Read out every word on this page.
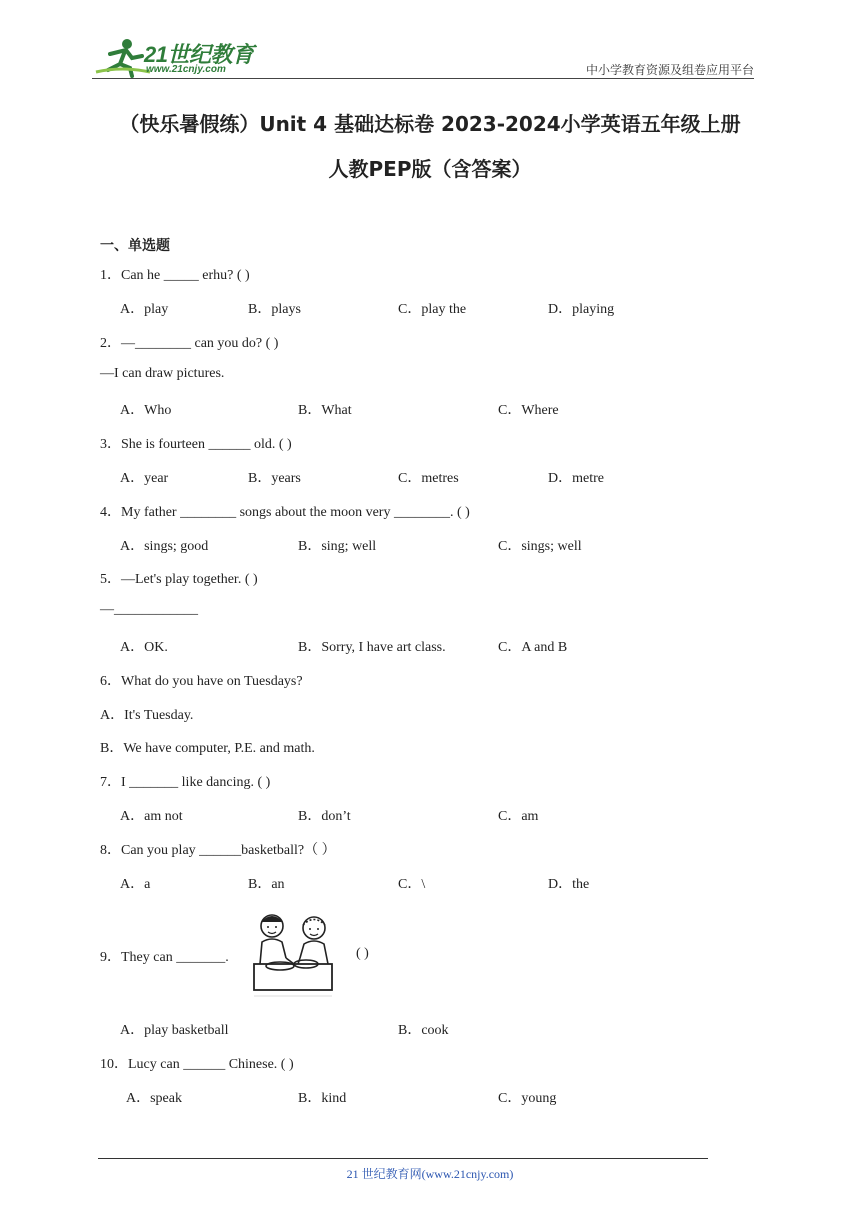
21世纪教育
www.21cnjy.com	中小学教育资源及组卷应用平台
（快乐暑假练）Unit 4 基础达标卷 2023-2024小学英语五年级上册
人教PEP版（含答案）
一、单选题
1．Can he _____ erhu? ( )
A．play	B．plays	C．play the	D．playing
2．—________ can you do? ( )
—I can draw pictures.
A．Who	B．What	C．Where
3．She is fourteen ______ old. ( )
A．year	B．years	C．metres	D．metre
4．My father ________ songs about the moon very ________. ( )
A．sings; good	B．sing; well	C．sings; well
5．—Let's play together. ( )
—____________
A．OK.	B．Sorry, I have art class.	C．A and B
6．What do you have on Tuesdays?
A．It's Tuesday.
B．We have computer, P.E. and math.
7．I _______ like dancing. ( )
A．am not	B．don’t	C．am
8．Can you play ______basketball?（ ）
A．a	B．an	C．\	D．the
9．They can _______.	( )
A．play basketball	B．cook
10．Lucy can ______ Chinese. ( )
A．speak	B．kind	C．young
21 世纪教育网(www.21cnjy.com)
